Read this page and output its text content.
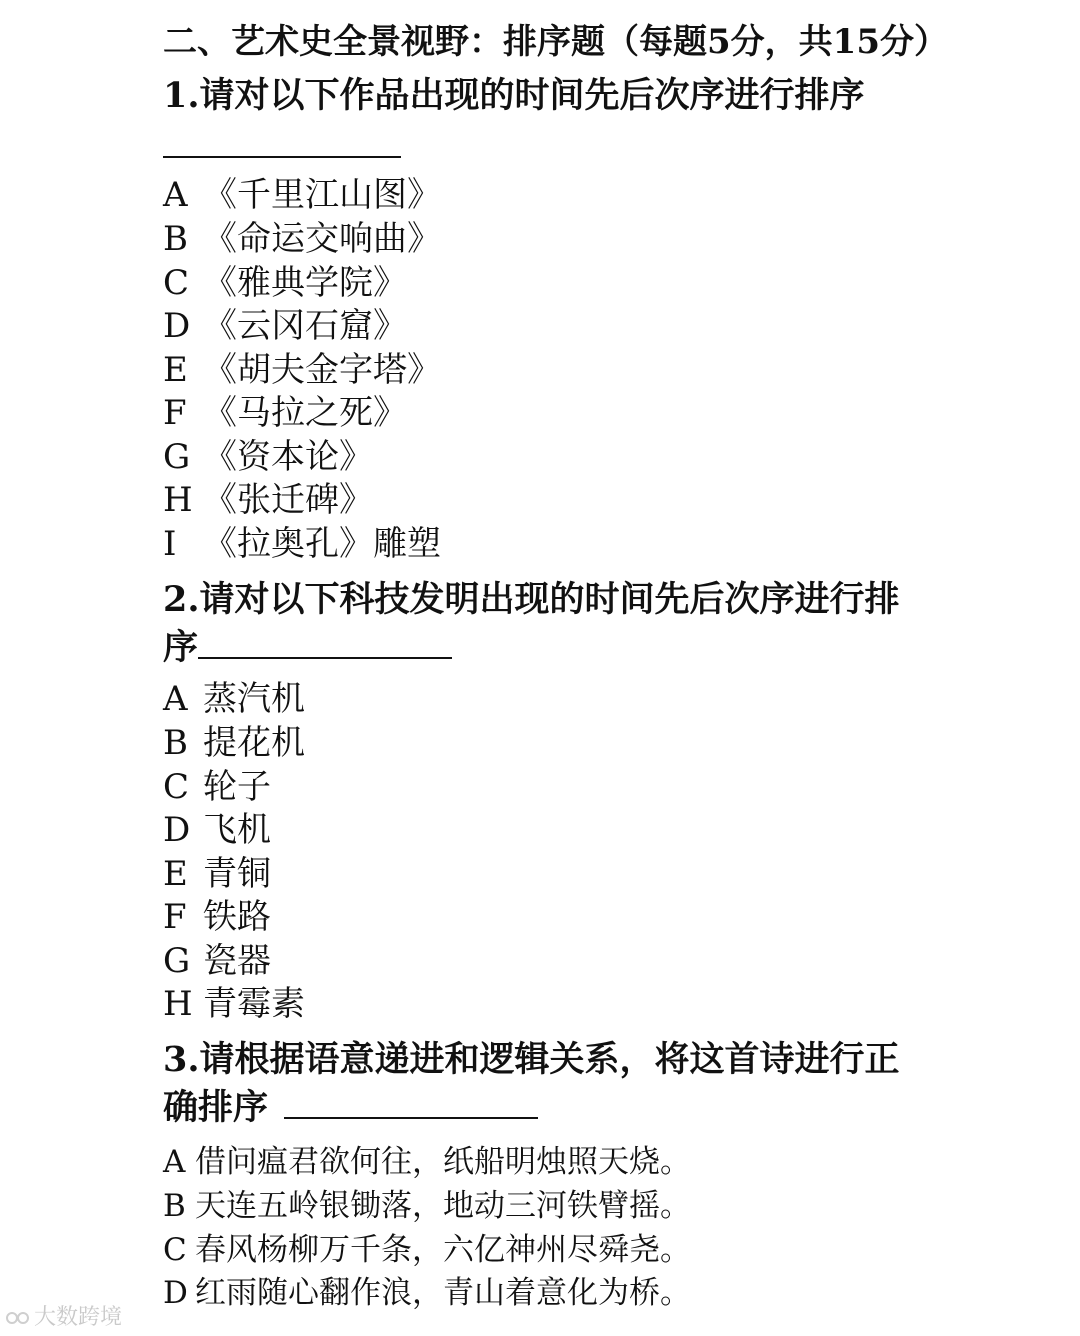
二、艺术史全景视野：排序题（每题5分，共15分）
1.请对以下作品出现的时间先后次序进行排序
A 《千里江山图》
B 《命运交响曲》
C 《雅典学院》
D 《云冈石窟》
E 《胡夫金字塔》
F 《马拉之死》
G 《资本论》
H 《张迁碑》
I 《拉奥孔》雕塑
2.请对以下科技发明出现的时间先后次序进行排
序
A 蒸汽机
B 提花机
C 轮子
D 飞机
E 青铜
F 铁路
G 瓷器
H 青霉素
3.请根据语意递进和逻辑关系，将这首诗进行正
确排序
A 借问瘟君欲何往，纸船明烛照天烧。
B 天连五岭银锄落，地动三河铁臂摇。
C 春风杨柳万千条，六亿神州尽舜尧。
D 红雨随心翻作浪，青山着意化为桥。
大数跨境
